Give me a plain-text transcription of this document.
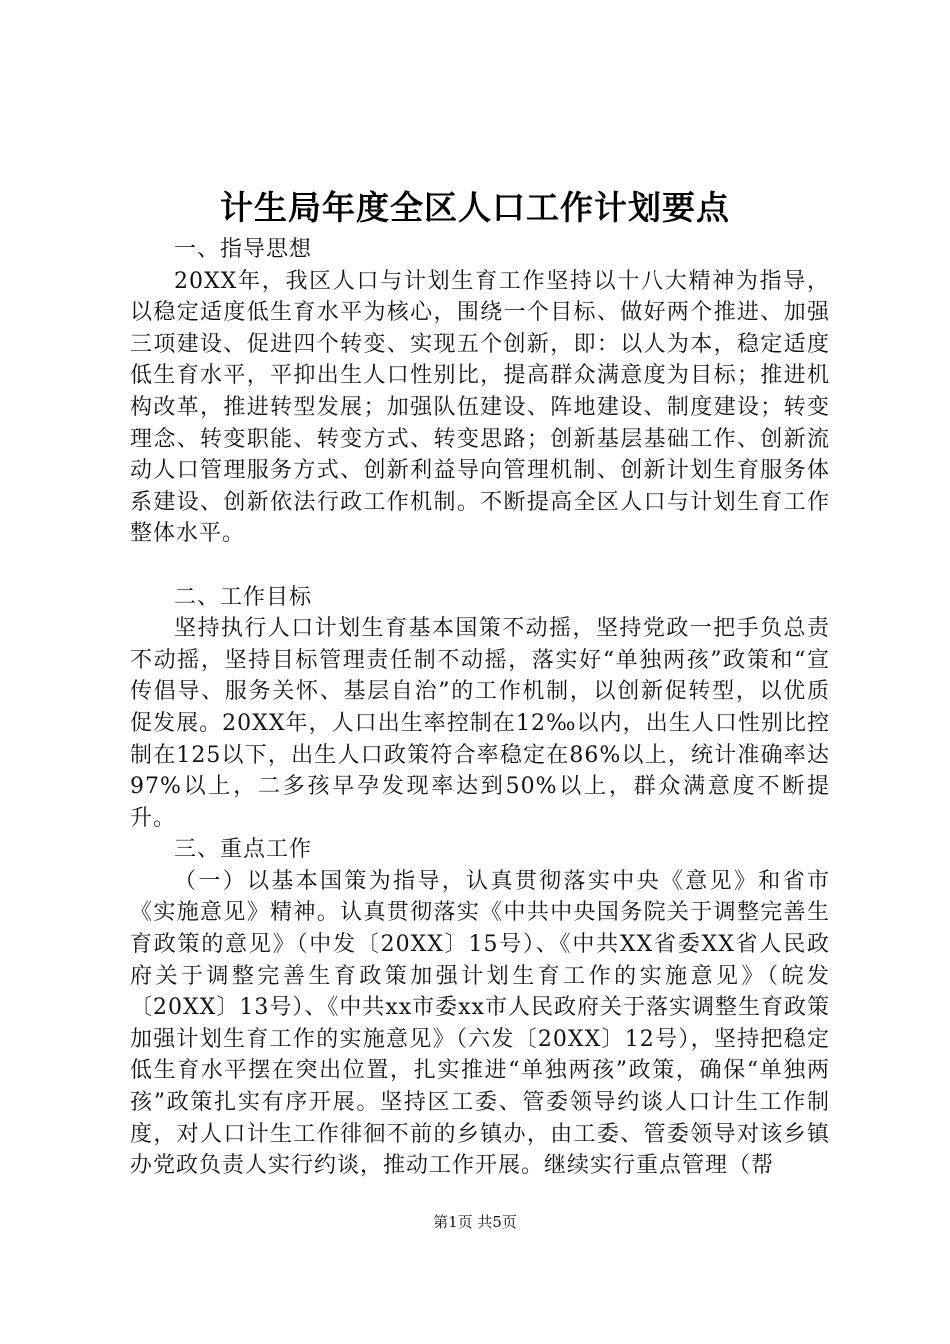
计生局年度全区人口工作计划要点

一、指导思想

20XX年，我区人口与计划生育工作坚持以十八大精神为指导，以稳定适度低生育水平为核心，围绕一个目标、做好两个推进、加强三项建设、促进四个转变、实现五个创新，即：以人为本，稳定适度低生育水平，平抑出生人口性别比，提高群众满意度为目标；推进机构改革，推进转型发展；加强队伍建设、阵地建设、制度建设；转变理念、转变职能、转变方式、转变思路；创新基层基础工作、创新流动人口管理服务方式、创新利益导向管理机制、创新计划生育服务体系建设、创新依法行政工作机制。不断提高全区人口与计划生育工作整体水平。

二、工作目标

坚持执行人口计划生育基本国策不动摇，坚持党政一把手负总责不动摇，坚持目标管理责任制不动摇，落实好“单独两孩”政策和“宣传倡导、服务关怀、基层自治”的工作机制，以创新促转型，以优质促发展。20XX年，人口出生率控制在12‰以内，出生人口性别比控制在125以下，出生人口政策符合率稳定在86%以上，统计准确率达97%以上，二多孩早孕发现率达到50%以上，群众满意度不断提升。

三、重点工作

（一）以基本国策为指导，认真贯彻落实中央《意见》和省市《实施意见》精神。认真贯彻落实《中共中央国务院关于调整完善生育政策的意见》（中发〔20XX〕15号）、《中共XX省委XX省人民政府关于调整完善生育政策加强计划生育工作的实施意见》（皖发〔20XX〕13号）、《中共xx市委xx市人民政府关于落实调整生育政策加强计划生育工作的实施意见》（六发〔20XX〕12号），坚持把稳定低生育水平摆在突出位置，扎实推进“单独两孩”政策，确保“单独两孩”政策扎实有序开展。坚持区工委、管委领导约谈人口计生工作制度，对人口计生工作徘徊不前的乡镇办，由工委、管委领导对该乡镇办党政负责人实行约谈，推动工作开展。继续实行重点管理（帮

第1页 共5页
